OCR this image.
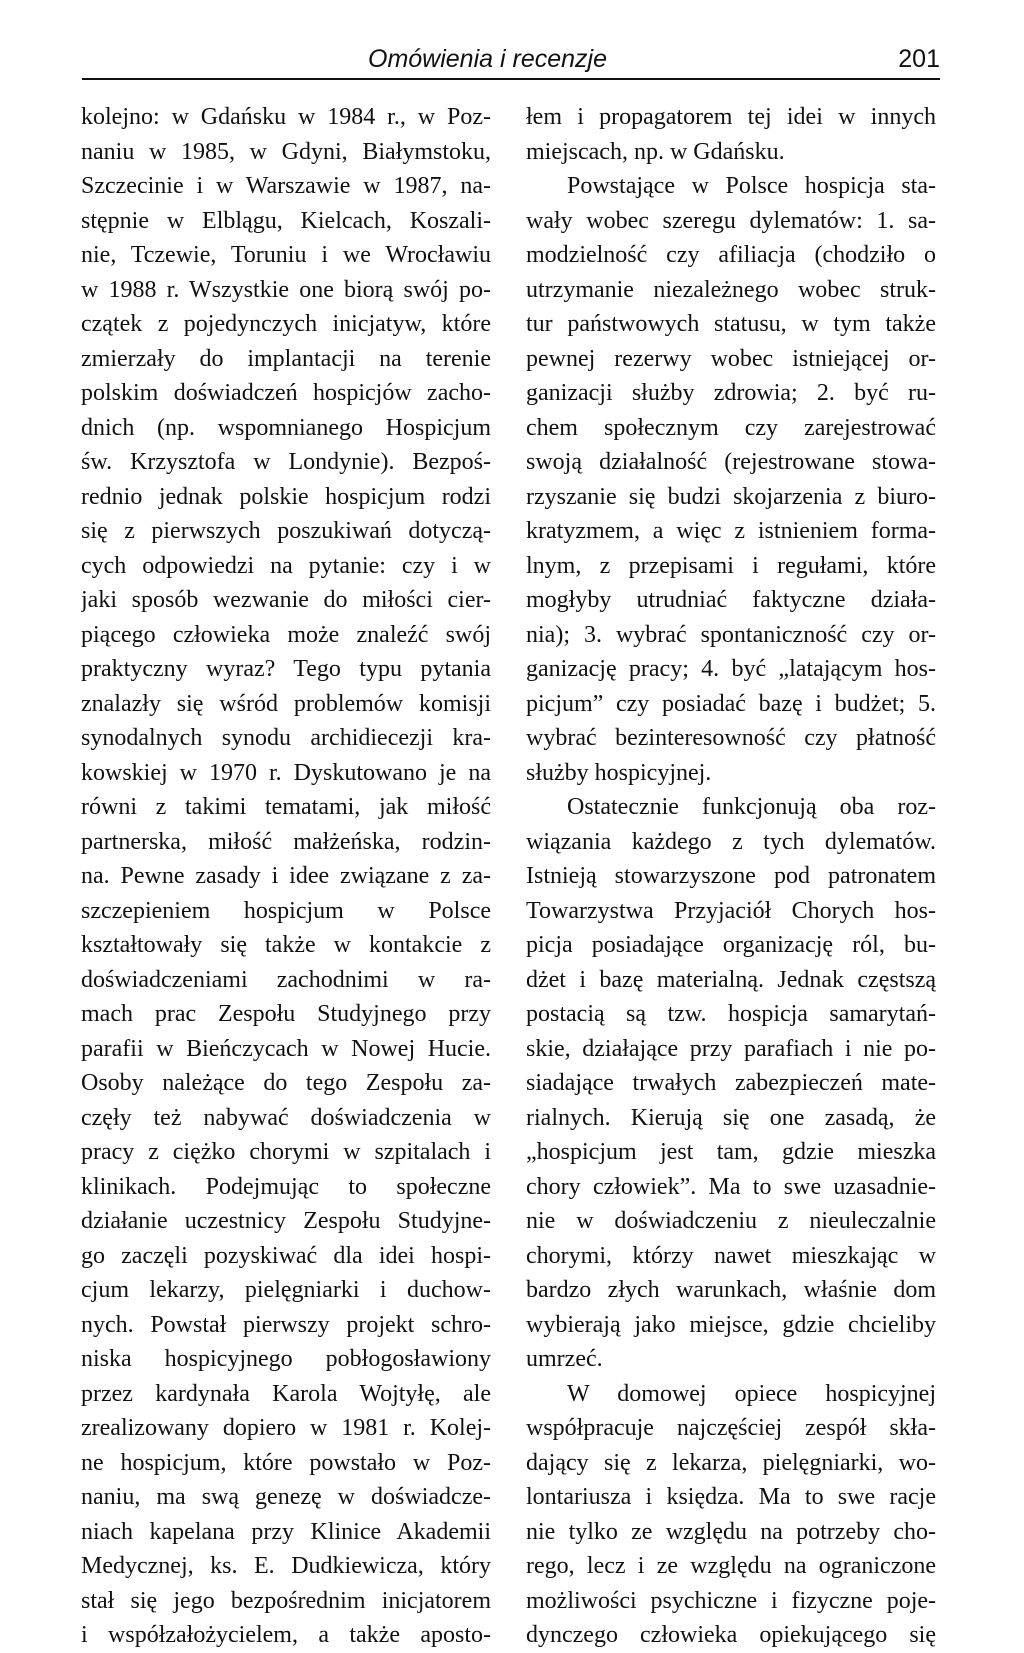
Omówienia i recenzje	201
kolejno: w Gdańsku w 1984 r., w Poz-
naniu w 1985, w Gdyni, Białymstoku,
Szczecinie i w Warszawie w 1987, na-
stępnie w Elblągu, Kielcach, Koszali-
nie, Tczewie, Toruniu i we Wrocławiu
w 1988 r. Wszystkie one biorą swój po-
czątek z pojedynczych inicjatyw, które
zmierzały do implantacji na terenie
polskim doświadczeń hospicjów zacho-
dnich (np. wspomnianego Hospicjum
św. Krzysztofa w Londynie). Bezpoś-
rednio jednak polskie hospicjum rodzi
się z pierwszych poszukiwań dotyczą-
cych odpowiedzi na pytanie: czy i w
jaki sposób wezwanie do miłości cier-
piącego człowieka może znaleźć swój
praktyczny wyraz? Tego typu pytania
znalazły się wśród problemów komisji
synodalnych synodu archidiecezji kra-
kowskiej w 1970 r. Dyskutowano je na
równi z takimi tematami, jak miłość
partnerska, miłość małżeńska, rodzin-
na. Pewne zasady i idee związane z za-
szczepieniem hospicjum w Polsce
kształtowały się także w kontakcie z
doświadczeniami zachodnimi w ra-
mach prac Zespołu Studyjnego przy
parafii w Bieńczycach w Nowej Hucie.
Osoby należące do tego Zespołu za-
częły też nabywać doświadczenia w
pracy z ciężko chorymi w szpitalach i
klinikach. Podejmując to społeczne
działanie uczestnicy Zespołu Studyjne-
go zaczęli pozyskiwać dla idei hospi-
cjum lekarzy, pielęgniarki i duchow-
nych. Powstał pierwszy projekt schro-
niska hospicyjnego pobłogosławiony
przez kardynała Karola Wojtyłę, ale
zrealizowany dopiero w 1981 r. Kolej-
ne hospicjum, które powstało w Poz-
naniu, ma swą genezę w doświadcze-
niach kapelana przy Klinice Akademii
Medycznej, ks. E. Dudkiewicza, który
stał się jego bezpośrednim inicjatorem
i współzałożycielem, a także aposto-
łem i propagatorem tej idei w innych
miejscach, np. w Gdańsku.
Powstające w Polsce hospicja sta-
wały wobec szeregu dylematów: 1. sa-
modzielność czy afiliacja (chodziło o
utrzymanie niezależnego wobec struk-
tur państwowych statusu, w tym także
pewnej rezerwy wobec istniejącej or-
ganizacji służby zdrowia; 2. być ru-
chem społecznym czy zarejestrować
swoją działalność (rejestrowane stowa-
rzyszanie się budzi skojarzenia z biuro-
kratyzmem, a więc z istnieniem forma-
lnym, z przepisami i regułami, które
mogłyby utrudniać faktyczne działa-
nia); 3. wybrać spontaniczność czy or-
ganizację pracy; 4. być „latającym hos-
picjum” czy posiadać bazę i budżet; 5.
wybrać bezinteresowność czy płatność
służby hospicyjnej.
Ostatecznie funkcjonują oba roz-
wiązania każdego z tych dylematów.
Istnieją stowarzyszone pod patronatem
Towarzystwa Przyjaciół Chorych hos-
picja posiadające organizację ról, bu-
dżet i bazę materialną. Jednak częstszą
postacią są tzw. hospicja samarytań-
skie, działające przy parafiach i nie po-
siadające trwałych zabezpieczeń mate-
rialnych. Kierują się one zasadą, że
„hospicjum jest tam, gdzie mieszka
chory człowiek”. Ma to swe uzasadnie-
nie w doświadczeniu z nieuleczalnie
chorymi, którzy nawet mieszkając w
bardzo złych warunkach, właśnie dom
wybierają jako miejsce, gdzie chcieliby
umrzeć.
W domowej opiece hospicyjnej
współpracuje najczęściej zespół skła-
dający się z lekarza, pielęgniarki, wo-
lontariusza i księdza. Ma to swe racje
nie tylko ze względu na potrzeby cho-
rego, lecz i ze względu na ograniczone
możliwości psychiczne i fizyczne poje-
dynczego człowieka opiekującego się
